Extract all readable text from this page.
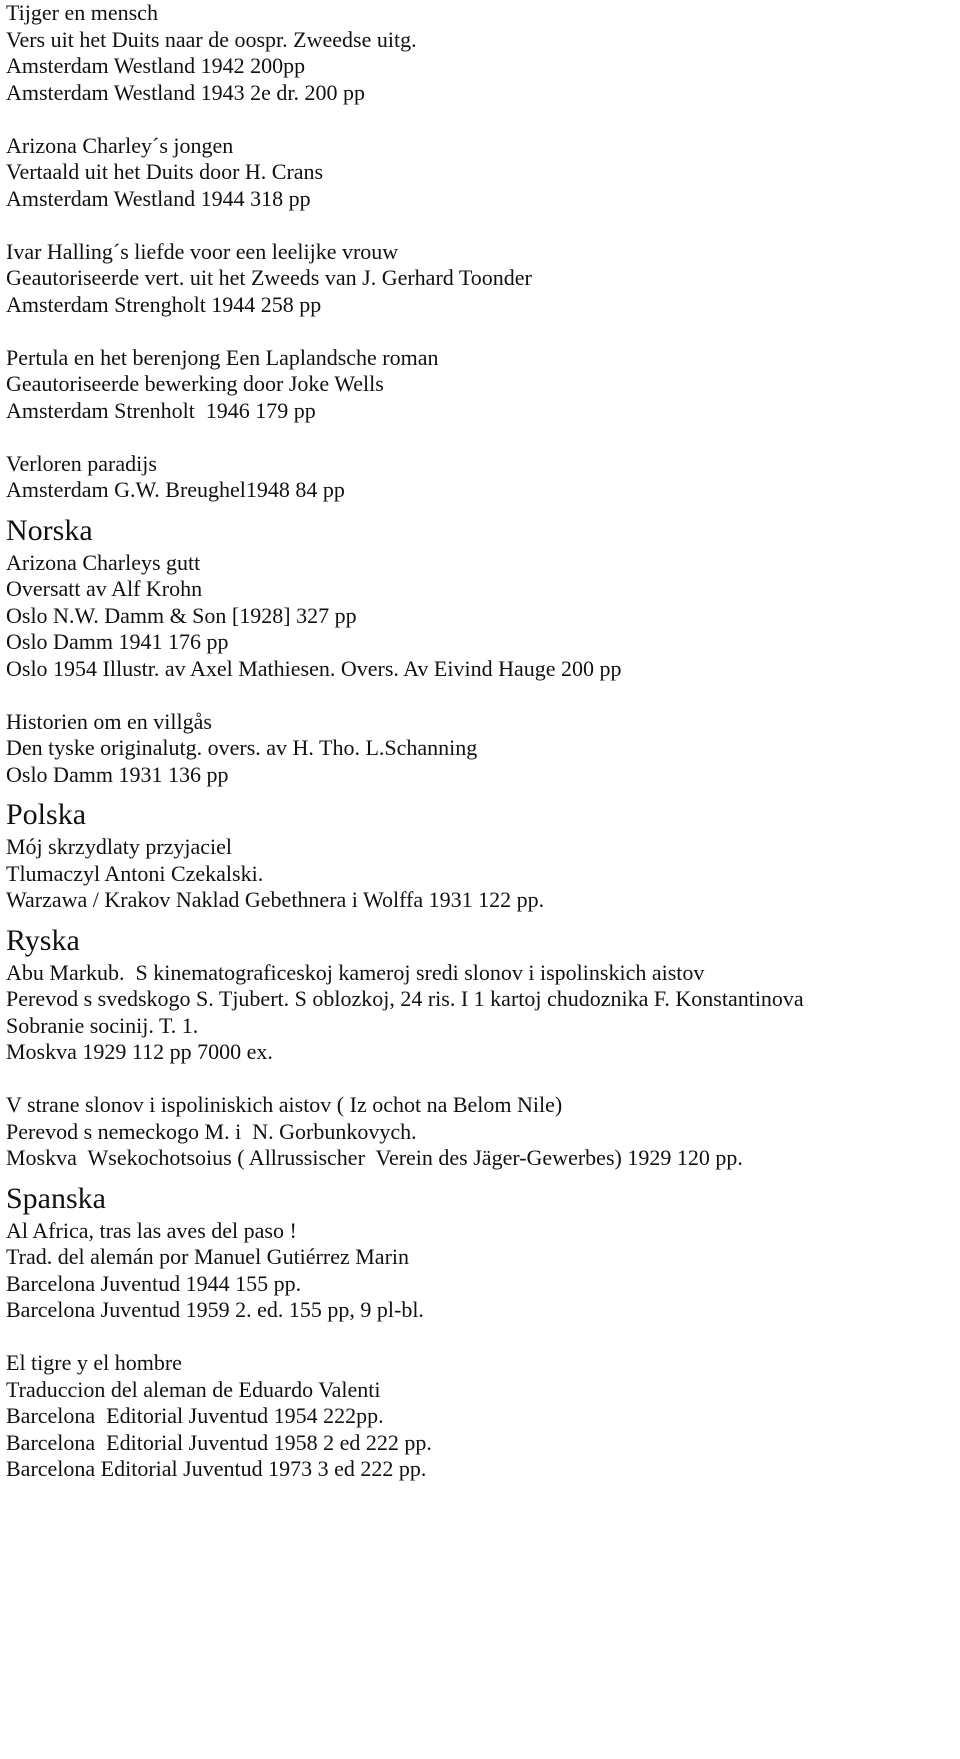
Tijger en mensch
Vers uit het Duits naar de oospr. Zweedse uitg.
Amsterdam Westland 1942 200pp
Amsterdam Westland 1943 2e dr. 200 pp
Arizona Charley´s jongen
Vertaald uit het Duits door H. Crans
Amsterdam Westland 1944 318 pp
Ivar Halling´s liefde voor een leelijke vrouw
Geautoriseerde vert. uit het Zweeds van J. Gerhard Toonder
Amsterdam Strengholt 1944 258 pp
Pertula en het berenjong Een Laplandsche roman
Geautoriseerde bewerking door Joke Wells
Amsterdam Strenholt  1946 179 pp
Verloren paradijs
Amsterdam G.W. Breughel1948 84 pp
Norska
Arizona Charleys gutt
Oversatt av Alf Krohn
Oslo N.W. Damm & Son [1928] 327 pp
Oslo Damm 1941 176 pp
Oslo 1954 Illustr. av Axel Mathiesen. Overs. Av Eivind Hauge 200 pp
Historien om en villgås
Den tyske originalutg. overs. av H. Tho. L.Schanning
Oslo Damm 1931 136 pp
Polska
Mój skrzydlaty przyjaciel
Tlumaczyl Antoni Czekalski.
Warzawa / Krakov Naklad Gebethnera i Wolffa 1931 122 pp.
Ryska
Abu Markub.  S kinematograficeskoj kameroj sredi slonov i ispolinskich aistov
Perevod s svedskogo S. Tjubert. S oblozkoj, 24 ris. I 1 kartoj chudoznika F. Konstantinova
Sobranie socinij. T. 1.
Moskva 1929 112 pp 7000 ex.
V strane slonov i ispoliniskich aistov ( Iz ochot na Belom Nile)
Perevod s nemeckogo M. i  N. Gorbunkovych.
Moskva  Wsekochotsoius ( Allrussischer  Verein des Jäger-Gewerbes) 1929 120 pp.
Spanska
Al Africa, tras las aves del paso !
Trad. del alemán por Manuel Gutiérrez Marin
Barcelona Juventud 1944 155 pp.
Barcelona Juventud 1959 2. ed. 155 pp, 9 pl-bl.
El tigre y el hombre
Traduccion del aleman de Eduardo Valenti
Barcelona  Editorial Juventud 1954 222pp.
Barcelona  Editorial Juventud 1958 2 ed 222 pp.
Barcelona Editorial Juventud 1973 3 ed 222 pp.
